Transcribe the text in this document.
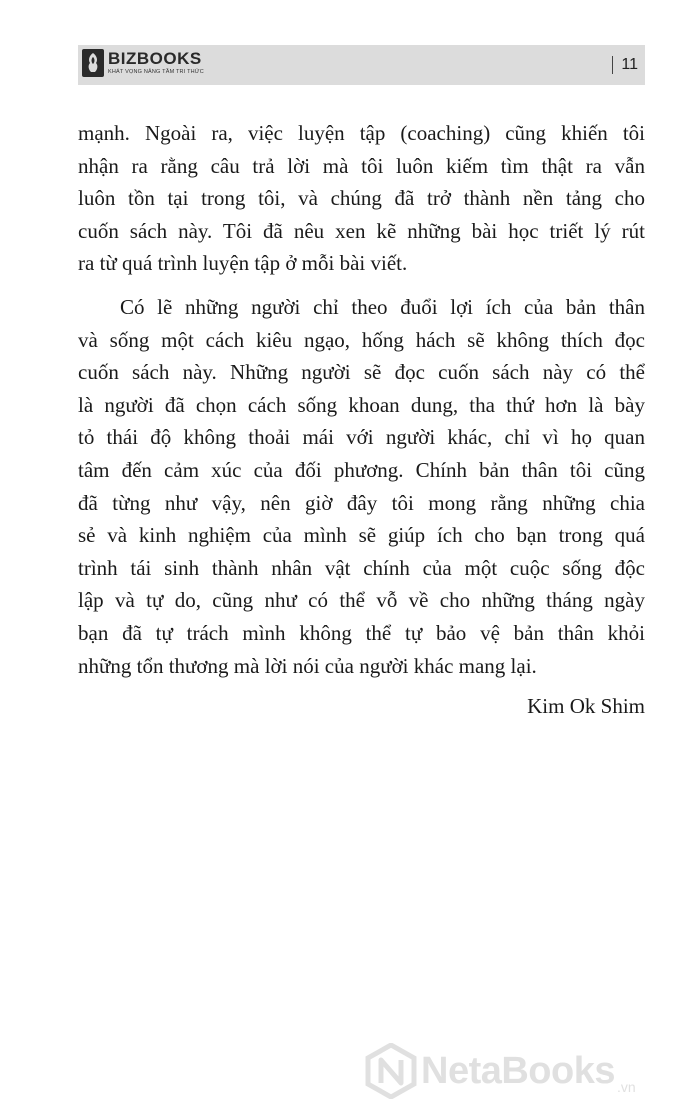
BIZBOOKS
KHÁT VỌNG NÂNG TẦM TRI THỨC	11
mạnh. Ngoài ra, việc luyện tập (coaching) cũng khiến tôi
nhận ra rằng câu trả lời mà tôi luôn kiếm tìm thật ra vẫn
luôn tồn tại trong tôi, và chúng đã trở thành nền tảng cho
cuốn sách này. Tôi đã nêu xen kẽ những bài học triết lý rút
ra từ quá trình luyện tập ở mỗi bài viết.
Có lẽ những người chỉ theo đuổi lợi ích của bản thân
và sống một cách kiêu ngạo, hống hách sẽ không thích đọc
cuốn sách này. Những người sẽ đọc cuốn sách này có thể
là người đã chọn cách sống khoan dung, tha thứ hơn là bày
tỏ thái độ không thoải mái với người khác, chỉ vì họ quan
tâm đến cảm xúc của đối phương. Chính bản thân tôi cũng
đã từng như vậy, nên giờ đây tôi mong rằng những chia
sẻ và kinh nghiệm của mình sẽ giúp ích cho bạn trong quá
trình tái sinh thành nhân vật chính của một cuộc sống độc
lập và tự do, cũng như có thể vỗ về cho những tháng ngày
bạn đã tự trách mình không thể tự bảo vệ bản thân khỏi
những tổn thương mà lời nói của người khác mang lại.
Kim Ok Shim
NetaBooks .vn
